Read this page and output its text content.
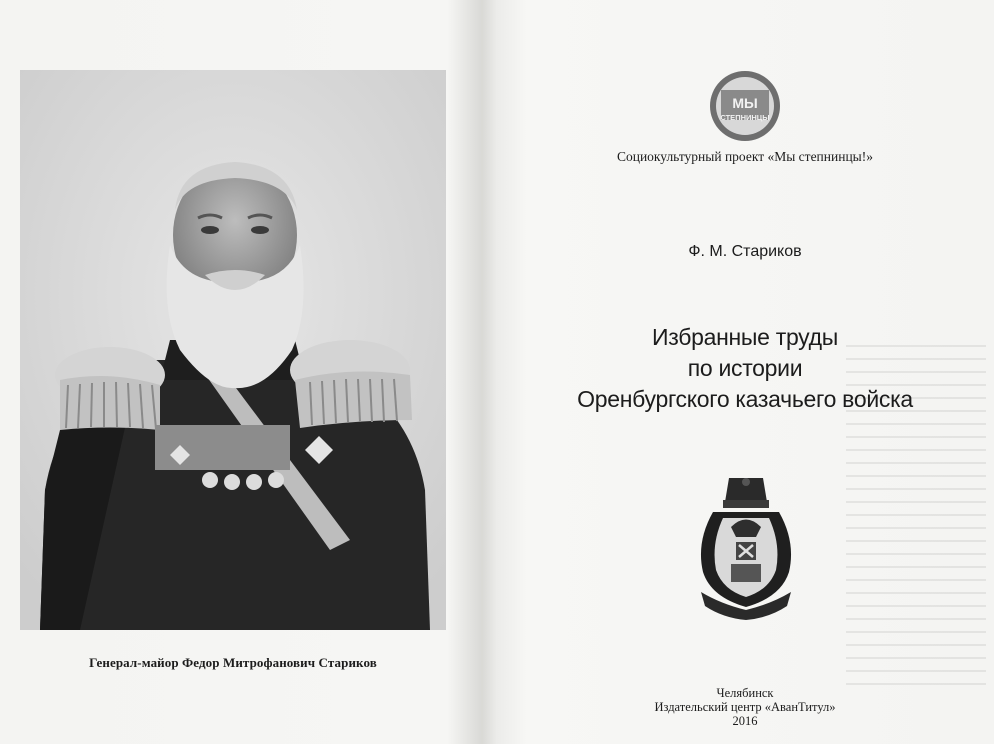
Генерал-майор Федор Митрофанович Стариков
МЫ
СТЕПНИНЦЫ
Социокультурный проект «Мы степнинцы!»
Ф. М. Стариков
Избранные труды
по истории
Оренбургского казачьего войска
Челябинск
Издательский центр «АванТитул»
2016
